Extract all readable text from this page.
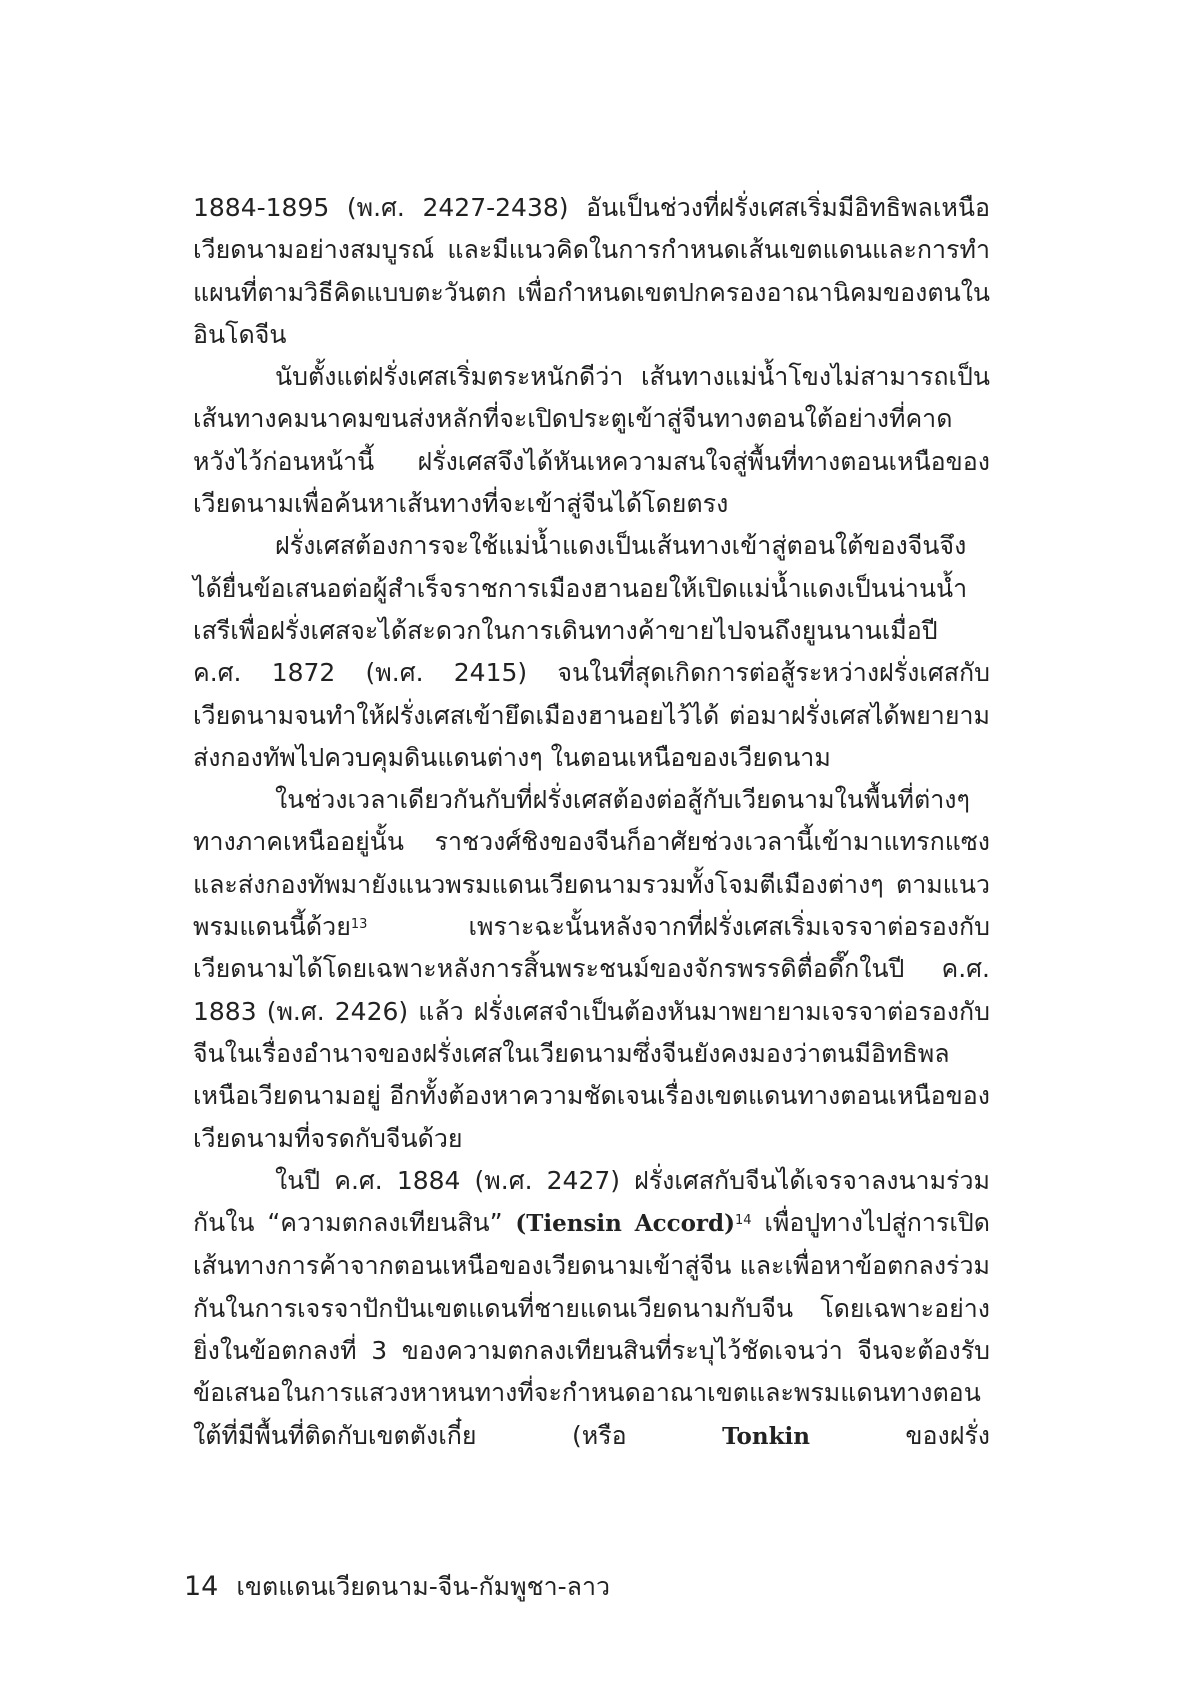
1884-1895 (พ.ศ. 2427-2438) อันเป็นช่วงที่ฝรั่งเศสเริ่มมีอิทธิพลเหนือเวียดนามอย่างสมบูรณ์ และมีแนวคิดในการกำหนดเส้นเขตแดนและการทำแผนที่ตามวิธีคิดแบบตะวันตก เพื่อกำหนดเขตปกครองอาณานิคมของตนในอินโดจีน

นับตั้งแต่ฝรั่งเศสเริ่มตระหนักดีว่า เส้นทางแม่น้ำโขงไม่สามารถเป็นเส้นทางคมนาคมขนส่งหลักที่จะเปิดประตูเข้าสู่จีนทางตอนใต้อย่างที่คาดหวังไว้ก่อนหน้านี้ ฝรั่งเศสจึงได้หันเหความสนใจสู่พื้นที่ทางตอนเหนือของเวียดนามเพื่อค้นหาเส้นทางที่จะเข้าสู่จีนได้โดยตรง

ฝรั่งเศสต้องการจะใช้แม่น้ำแดงเป็นเส้นทางเข้าสู่ตอนใต้ของจีนจึงได้ยื่นข้อเสนอต่อผู้สำเร็จราชการเมืองฮานอยให้เปิดแม่น้ำแดงเป็นน่านน้ำเสรีเพื่อฝรั่งเศสจะได้สะดวกในการเดินทางค้าขายไปจนถึงยูนนานเมื่อปี ค.ศ. 1872 (พ.ศ. 2415) จนในที่สุดเกิดการต่อสู้ระหว่างฝรั่งเศสกับเวียดนามจนทำให้ฝรั่งเศสเข้ายึดเมืองฮานอยไว้ได้ ต่อมาฝรั่งเศสได้พยายามส่งกองทัพไปควบคุมดินแดนต่างๆ ในตอนเหนือของเวียดนาม

ในช่วงเวลาเดียวกันกับที่ฝรั่งเศสต้องต่อสู้กับเวียดนามในพื้นที่ต่างๆ ทางภาคเหนืออยู่นั้น ราชวงศ์ชิงของจีนก็อาศัยช่วงเวลานี้เข้ามาแทรกแซงและส่งกองทัพมายังแนวพรมแดนเวียดนามรวมทั้งโจมตีเมืองต่างๆ ตามแนวพรมแดนนี้ด้วย$^{13}$ เพราะฉะนั้นหลังจากที่ฝรั่งเศสเริ่มเจรจาต่อรองกับเวียดนามได้โดยเฉพาะหลังการสิ้นพระชนม์ของจักรพรรดิตื่อดึ๊กในปี ค.ศ. 1883 (พ.ศ. 2426) แล้ว ฝรั่งเศสจำเป็นต้องหันมาพยายามเจรจาต่อรองกับจีนในเรื่องอำนาจของฝรั่งเศสในเวียดนามซึ่งจีนยังคงมองว่าตนมีอิทธิพลเหนือเวียดนามอยู่ อีกทั้งต้องหาความชัดเจนเรื่องเขตแดนทางตอนเหนือของเวียดนามที่จรดกับจีนด้วย

ในปี ค.ศ. 1884 (พ.ศ. 2427) ฝรั่งเศสกับจีนได้เจรจาลงนามร่วมกันใน “ความตกลงเทียนสิน” (Tiensin Accord)$^{14}$ เพื่อปูทางไปสู่การเปิดเส้นทางการค้าจากตอนเหนือของเวียดนามเข้าสู่จีน และเพื่อหาข้อตกลงร่วมกันในการเจรจาปักปันเขตแดนที่ชายแดนเวียดนามกับจีน โดยเฉพาะอย่างยิ่งในข้อตกลงที่ 3 ของความตกลงเทียนสินที่ระบุไว้ชัดเจนว่า จีนจะต้องรับข้อเสนอในการแสวงหาหนทางที่จะกำหนดอาณาเขตและพรมแดนทางตอนใต้ที่มีพื้นที่ติดกับเขตตังเกี๋ย (หรือ Tonkin ของฝรั่ง

14 เขตแดนเวียดนาม-จีน-กัมพูชา-ลาว
